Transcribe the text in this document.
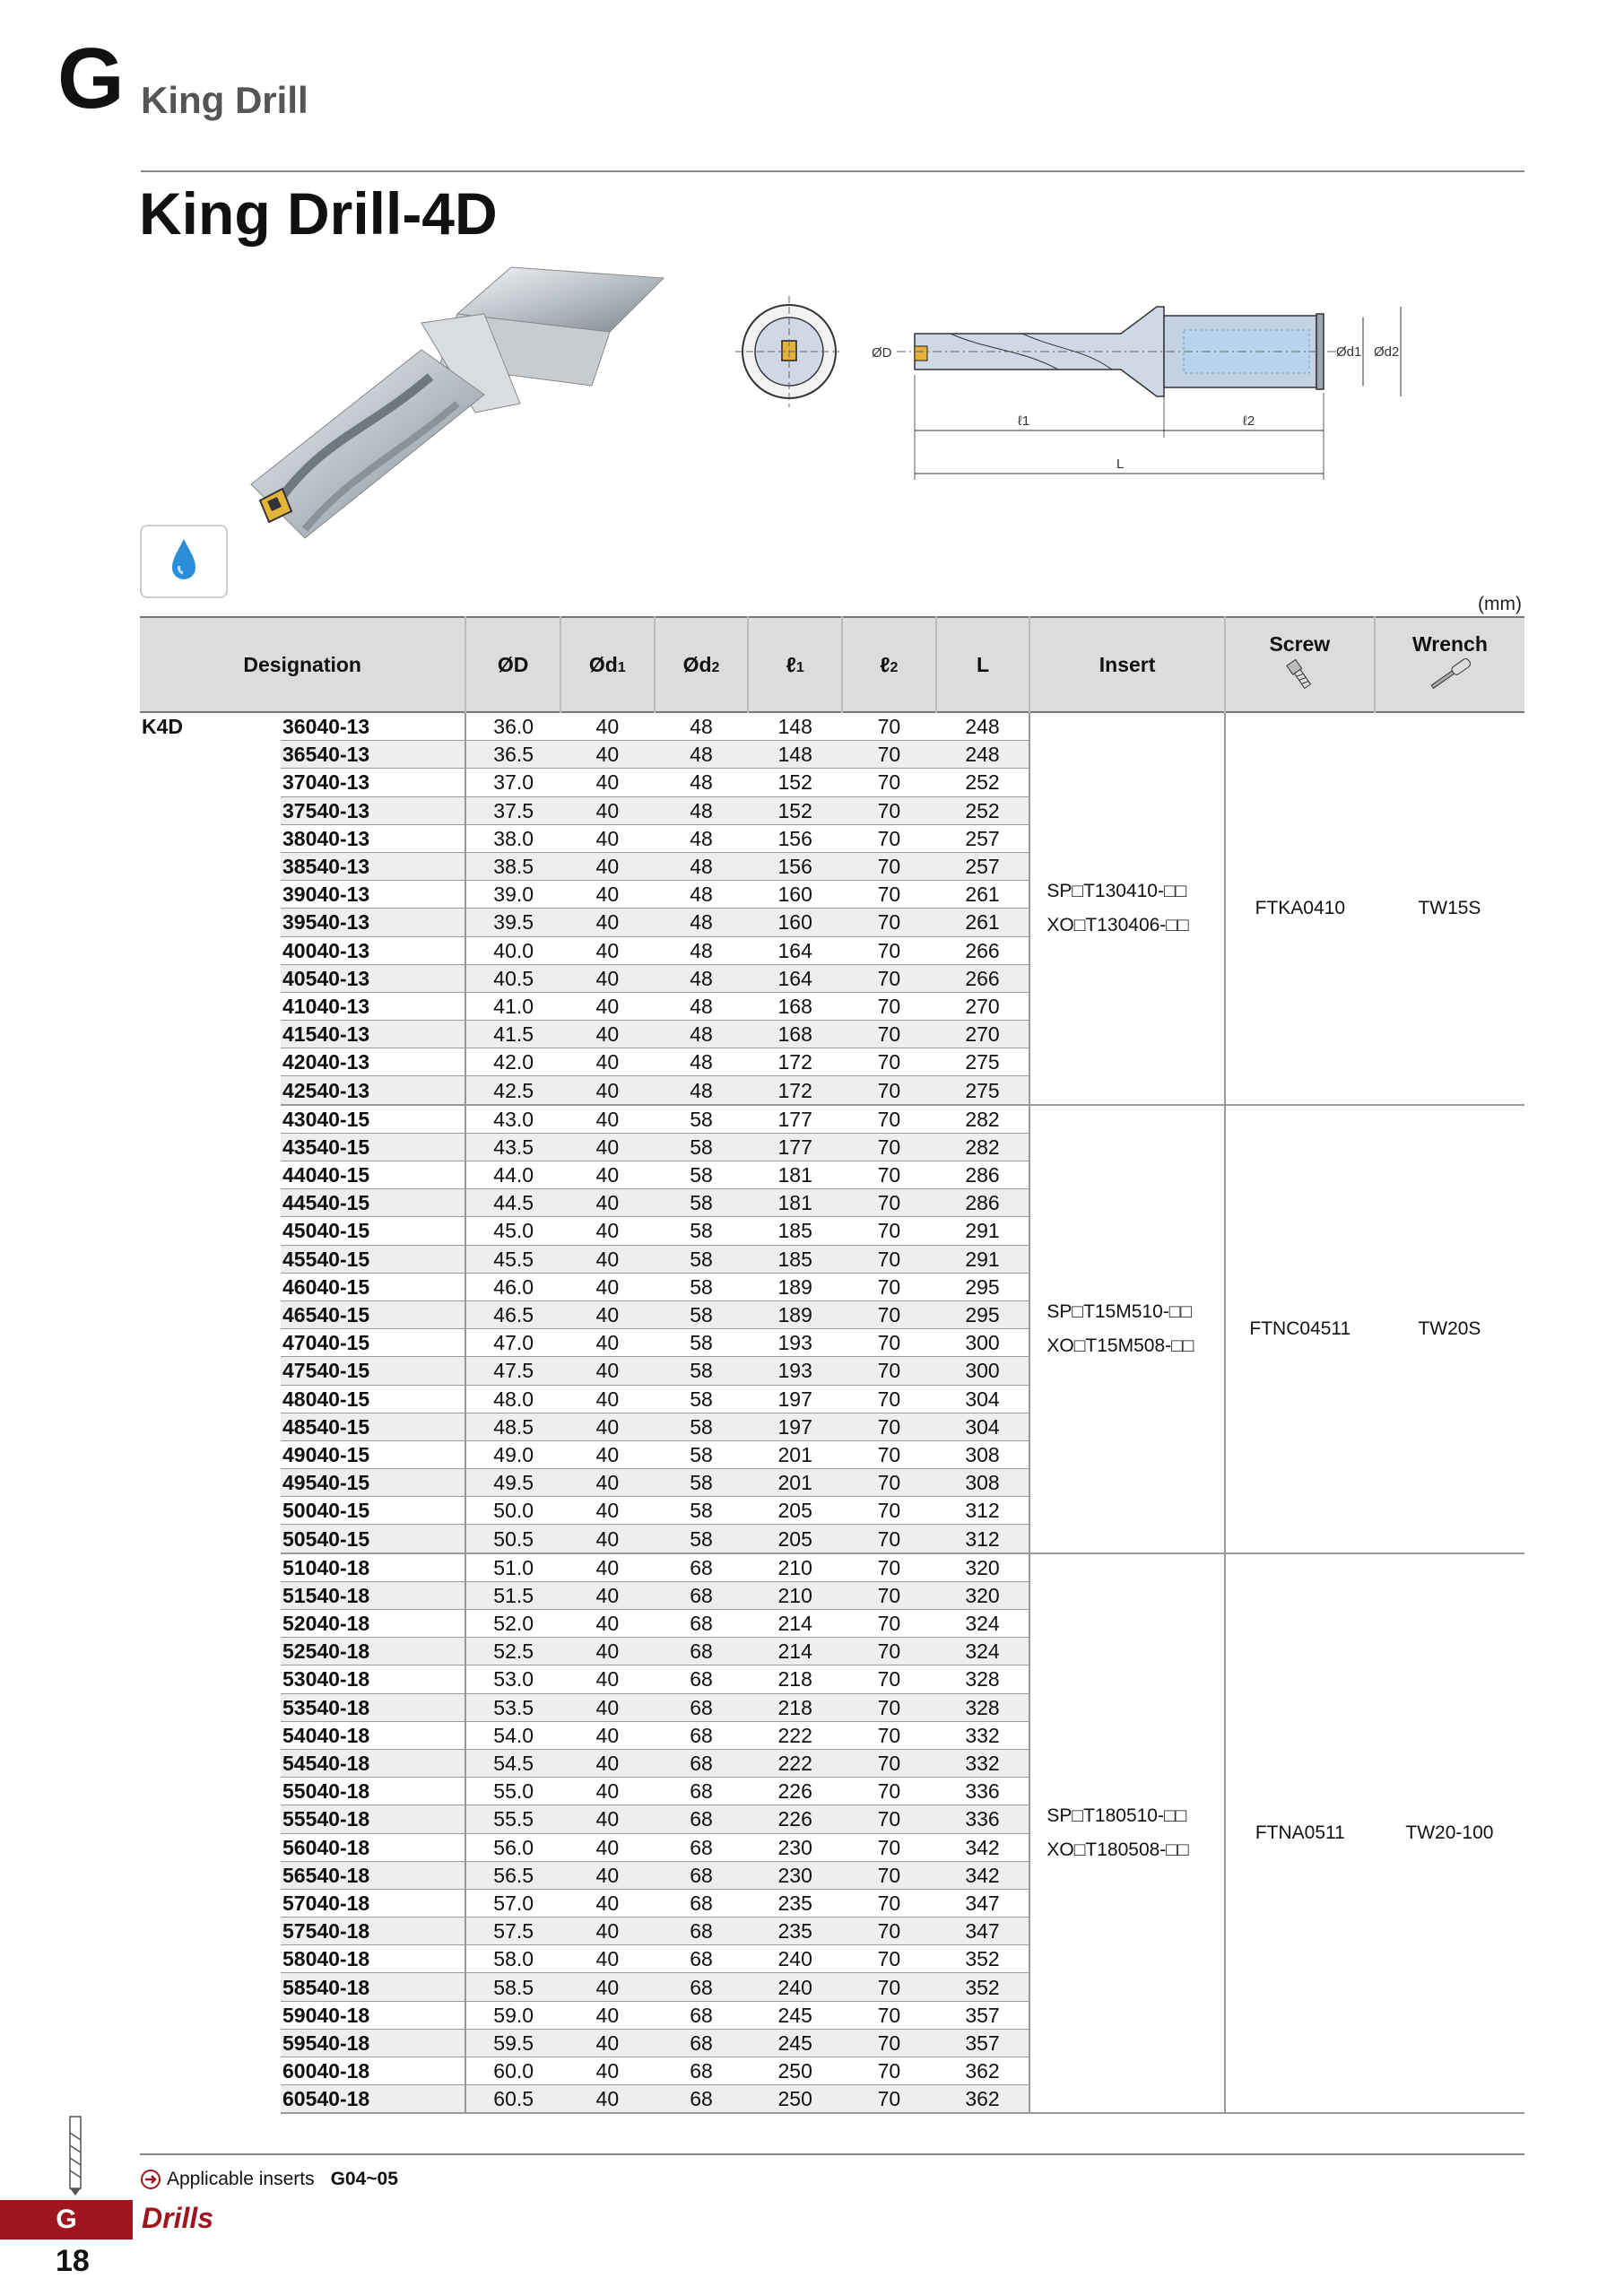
G King Drill
King Drill-4D
ØD	Ød1 Ød2
ℓ1	ℓ2
L
(mm)
Designation		ØD	Ød1	Ød2	ℓ1	ℓ2	L	Insert	Screw	Wrench

K4D	36040-13	36.0	40	48	148	70	248	SP□T130410-□□
XO□T130406-□□	FTKA0410	TW15S
	36540-13	36.5	40	48	148	70	248			
	37040-13	37.0	40	48	152	70	252			
	37540-13	37.5	40	48	152	70	252			
	38040-13	38.0	40	48	156	70	257			
	38540-13	38.5	40	48	156	70	257			
	39040-13	39.0	40	48	160	70	261			
	39540-13	39.5	40	48	160	70	261			
	40040-13	40.0	40	48	164	70	266			
	40540-13	40.5	40	48	164	70	266			
	41040-13	41.0	40	48	168	70	270			
	41540-13	41.5	40	48	168	70	270			
	42040-13	42.0	40	48	172	70	275			
	42540-13	42.5	40	48	172	70	275			
	43040-15	43.0	40	58	177	70	282	SP□T15M510-□□
XO□T15M508-□□	FTNC04511	TW20S
	43540-15	43.5	40	58	177	70	282			
	44040-15	44.0	40	58	181	70	286			
	44540-15	44.5	40	58	181	70	286			
	45040-15	45.0	40	58	185	70	291			
	45540-15	45.5	40	58	185	70	291			
	46040-15	46.0	40	58	189	70	295			
	46540-15	46.5	40	58	189	70	295			
	47040-15	47.0	40	58	193	70	300			
	47540-15	47.5	40	58	193	70	300			
	48040-15	48.0	40	58	197	70	304			
	48540-15	48.5	40	58	197	70	304			
	49040-15	49.0	40	58	201	70	308			
	49540-15	49.5	40	58	201	70	308			
	50040-15	50.0	40	58	205	70	312			
	50540-15	50.5	40	58	205	70	312			
	51040-18	51.0	40	68	210	70	320	SP□T180510-□□
XO□T180508-□□	FTNA0511	TW20-100
	51540-18	51.5	40	68	210	70	320			
	52040-18	52.0	40	68	214	70	324			
	52540-18	52.5	40	68	214	70	324			
	53040-18	53.0	40	68	218	70	328			
	53540-18	53.5	40	68	218	70	328			
	54040-18	54.0	40	68	222	70	332			
	54540-18	54.5	40	68	222	70	332			
	55040-18	55.0	40	68	226	70	336			
	55540-18	55.5	40	68	226	70	336			
	56040-18	56.0	40	68	230	70	342			
	56540-18	56.5	40	68	230	70	342			
	57040-18	57.0	40	68	235	70	347			
	57540-18	57.5	40	68	235	70	347			
	58040-18	58.0	40	68	240	70	352			
	58540-18	58.5	40	68	240	70	352			
	59040-18	59.0	40	68	245	70	357			
	59540-18	59.5	40	68	245	70	357			
	60040-18	60.0	40	68	250	70	362			
	60540-18	60.5	40	68	250	70	362			
Applicable inserts G04~05
G	Drills
18
